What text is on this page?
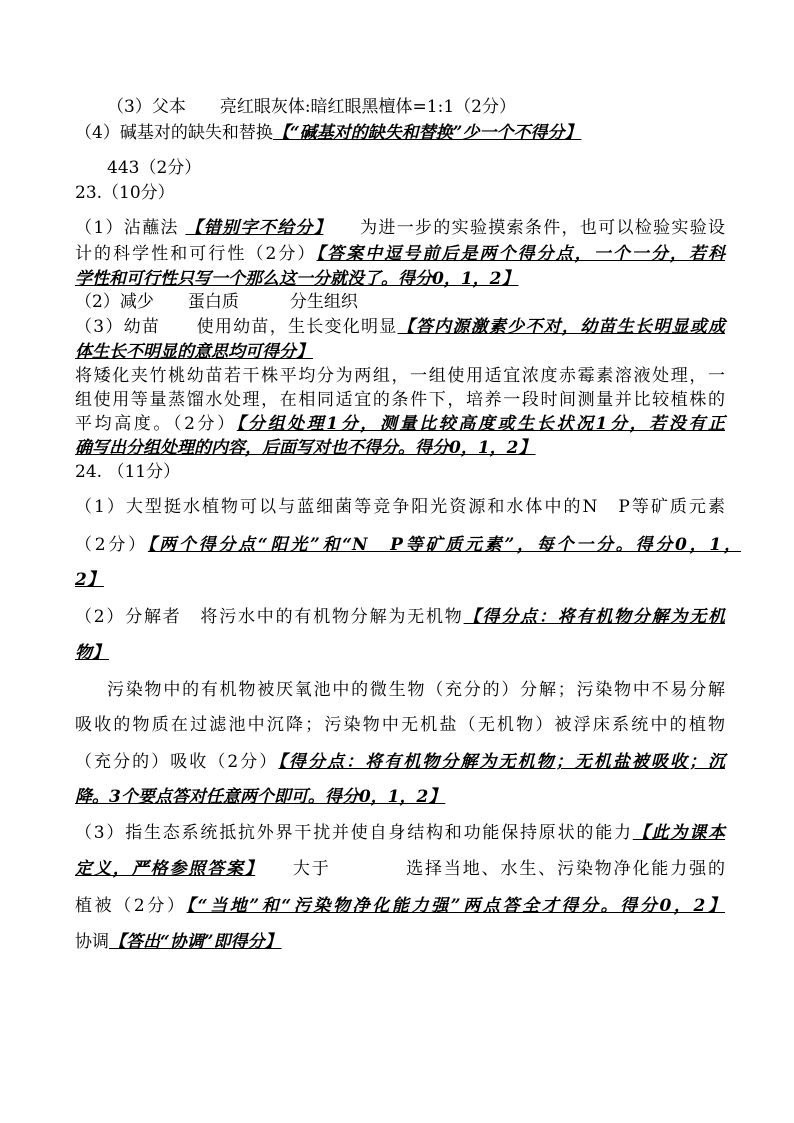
（3）父本　　亮红眼灰体:暗红眼黑檀体=1:1（2分）
（4）碱基对的缺失和替换【“碱基对的缺失和替换”少一个不得分】
443（2分）
23.（10分）
（1）沾蘸法 【错别字不给分】　　为进一步的实验摸索条件，也可以检验实验设
计的科学性和可行性（2分）【答案中逗号前后是两个得分点，一个一分，若科
学性和可行性只写一个那么这一分就没了。得分0，1，2】
（2）减少　　蛋白质　　　分生组织
（3）幼苗　　使用幼苗，生长变化明显【答内源激素少不对，幼苗生长明显或成
体生长不明显的意思均可得分】
将矮化夹竹桃幼苗若干株平均分为两组，一组使用适宜浓度赤霉素溶液处理，一
组使用等量蒸馏水处理，在相同适宜的条件下，培养一段时间测量并比较植株的
平均高度。（2分）【分组处理1分，测量比较高度或生长状况1分，若没有正
确写出分组处理的内容，后面写对也不得分。得分0，1，2】
24. （11分）
（1）大型挺水植物可以与蓝细菌等竞争阳光资源和水体中的N　P等矿质元素
（2分）【两个得分点“阳光”和“N　P等矿质元素”，每个一分。得分0，1，
2】
（2）分解者　将污水中的有机物分解为无机物【得分点：将有机物分解为无机
物】
污染物中的有机物被厌氧池中的微生物（充分的）分解；污染物中不易分解
吸收的物质在过滤池中沉降；污染物中无机盐（无机物）被浮床系统中的植物
（充分的）吸收（2分）【得分点：将有机物分解为无机物；无机盐被吸收；沉
降。3个要点答对任意两个即可。得分0，1，2】
（3）指生态系统抵抗外界干扰并使自身结构和功能保持原状的能力【此为课本
定义，严格参照答案】　　大于　　　　选择当地、水生、污染物净化能力强的
植被（2分）【“当地”和“污染物净化能力强”两点答全才得分。得分0，2】
协调【答出“协调”即得分】
